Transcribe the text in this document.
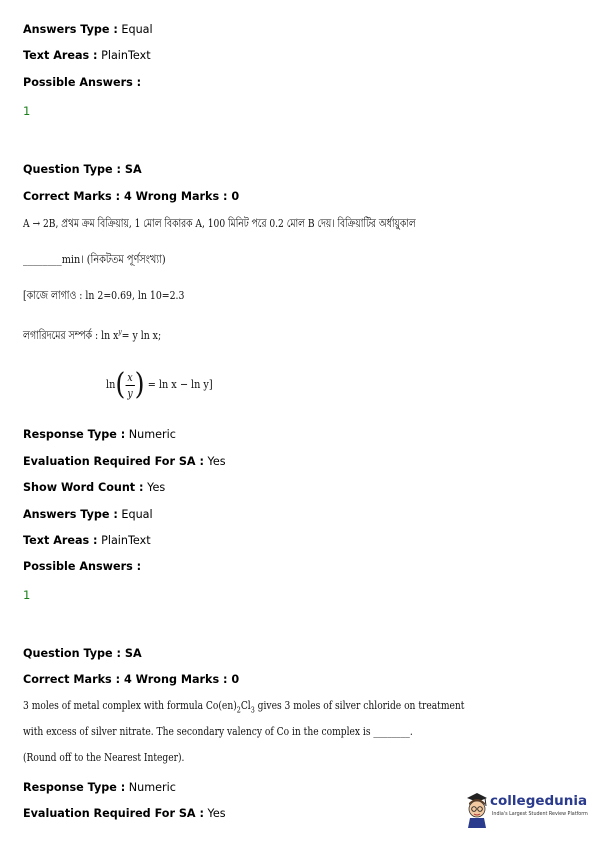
Answers Type : Equal
Text Areas : PlainText
Possible Answers :
1
Question Type : SA
Correct Marks : 4 Wrong Marks : 0
A → 2B, প্রথম ক্রম বিক্রিয়ায়, 1 মোল বিকারক A, 100 মিনিট পরে 0.2 মোল B দেয়। বিক্রিয়াটির অর্ধায়ুকাল
________min। (নিকটতম পূর্ণসংখ্যা)
[কাজে লাগাও : ln 2=0.69, ln 10=2.3
লগারিদমের সম্পর্ক : $\ln x^y= y$ ln x;
$\ln( \frac{x}{y}$ ) = ln x − ln y]
Response Type : Numeric
Evaluation Required For SA : Yes
Show Word Count : Yes
Answers Type : Equal
Text Areas : PlainText
Possible Answers :
1
Question Type : SA
Correct Marks : 4 Wrong Marks : 0
3 moles of metal complex with formula $Co(en)_2Cl_3$ gives 3 moles of silver chloride on treatment
with excess of silver nitrate. The secondary valency of Co in the complex is ________.
(Round off to the Nearest Integer).
Response Type : Numeric
Evaluation Required For SA : Yes
collegedunia
India's Largest Student Review Platform
